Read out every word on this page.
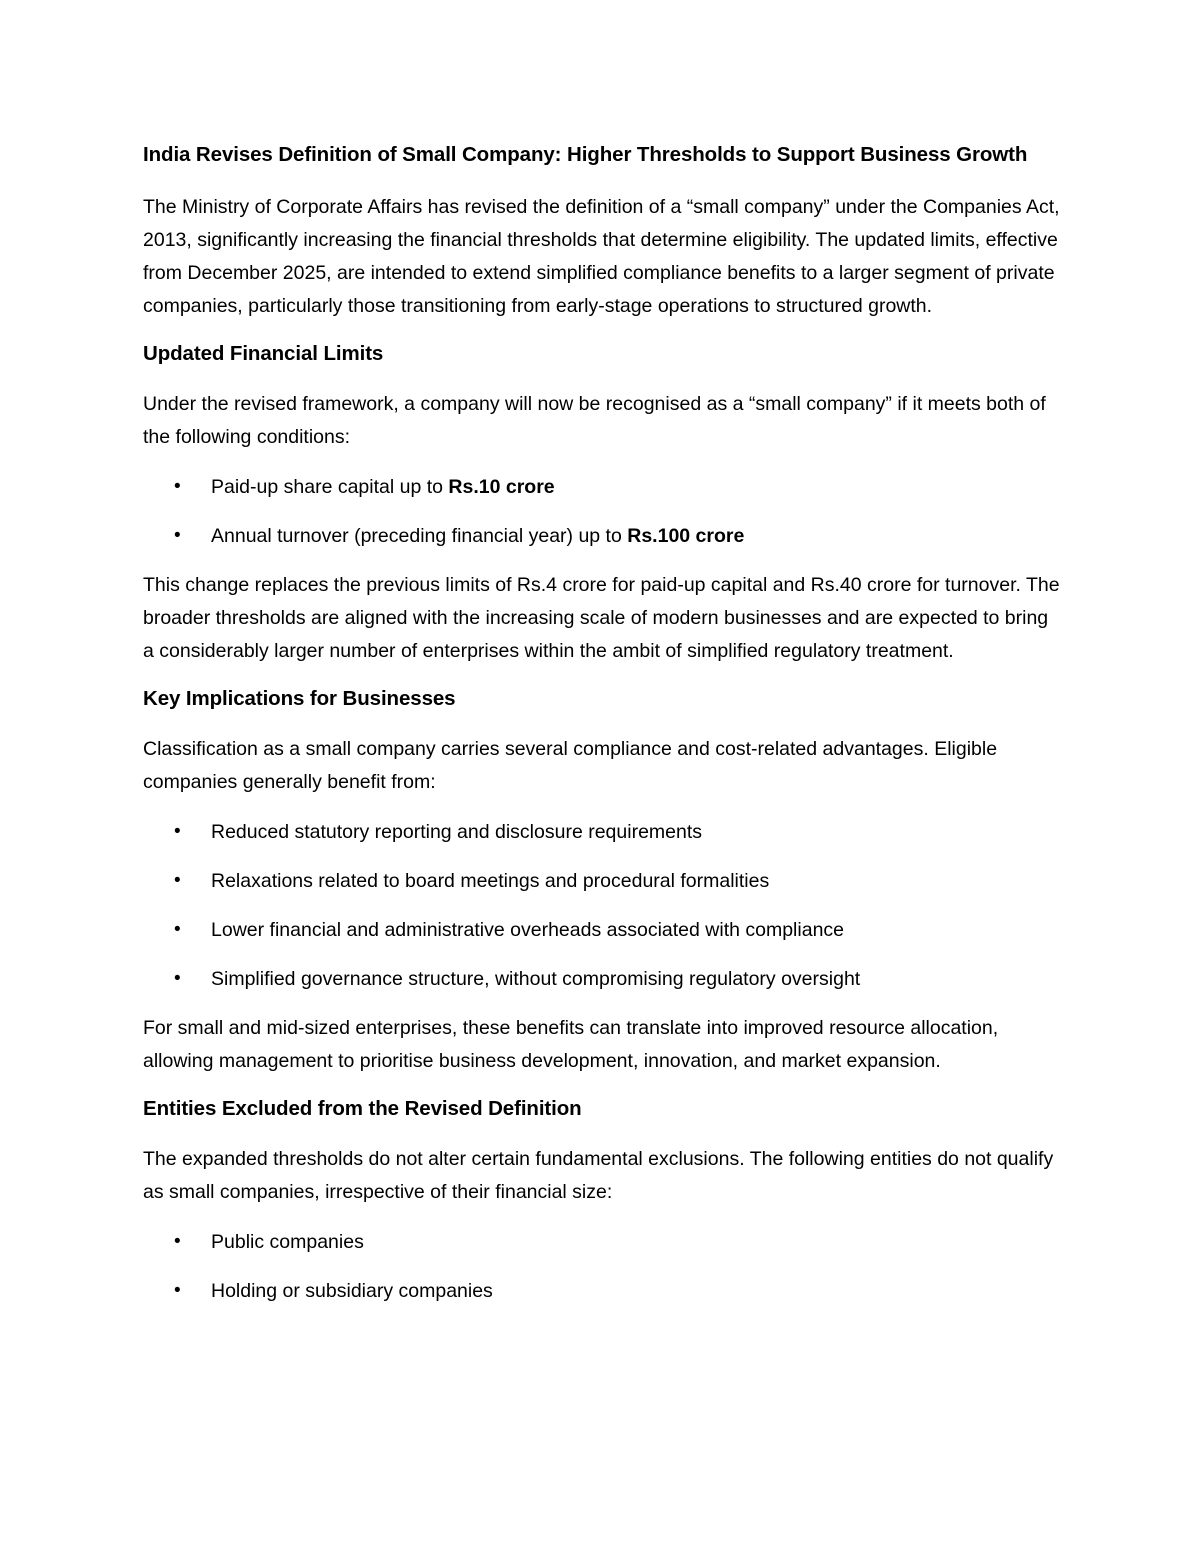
India Revises Definition of Small Company: Higher Thresholds to Support Business Growth

The Ministry of Corporate Affairs has revised the definition of a “small company” under the Companies Act, 2013, significantly increasing the financial thresholds that determine eligibility. The updated limits, effective from December 2025, are intended to extend simplified compliance benefits to a larger segment of private companies, particularly those transitioning from early-stage operations to structured growth.

Updated Financial Limits

Under the revised framework, a company will now be recognised as a “small company” if it meets both of the following conditions:

• Paid-up share capital up to Rs.10 crore
• Annual turnover (preceding financial year) up to Rs.100 crore

This change replaces the previous limits of Rs.4 crore for paid-up capital and Rs.40 crore for turnover. The broader thresholds are aligned with the increasing scale of modern businesses and are expected to bring a considerably larger number of enterprises within the ambit of simplified regulatory treatment.

Key Implications for Businesses

Classification as a small company carries several compliance and cost-related advantages. Eligible companies generally benefit from:

• Reduced statutory reporting and disclosure requirements
• Relaxations related to board meetings and procedural formalities
• Lower financial and administrative overheads associated with compliance
• Simplified governance structure, without compromising regulatory oversight

For small and mid-sized enterprises, these benefits can translate into improved resource allocation, allowing management to prioritise business development, innovation, and market expansion.

Entities Excluded from the Revised Definition

The expanded thresholds do not alter certain fundamental exclusions. The following entities do not qualify as small companies, irrespective of their financial size:

• Public companies
• Holding or subsidiary companies
